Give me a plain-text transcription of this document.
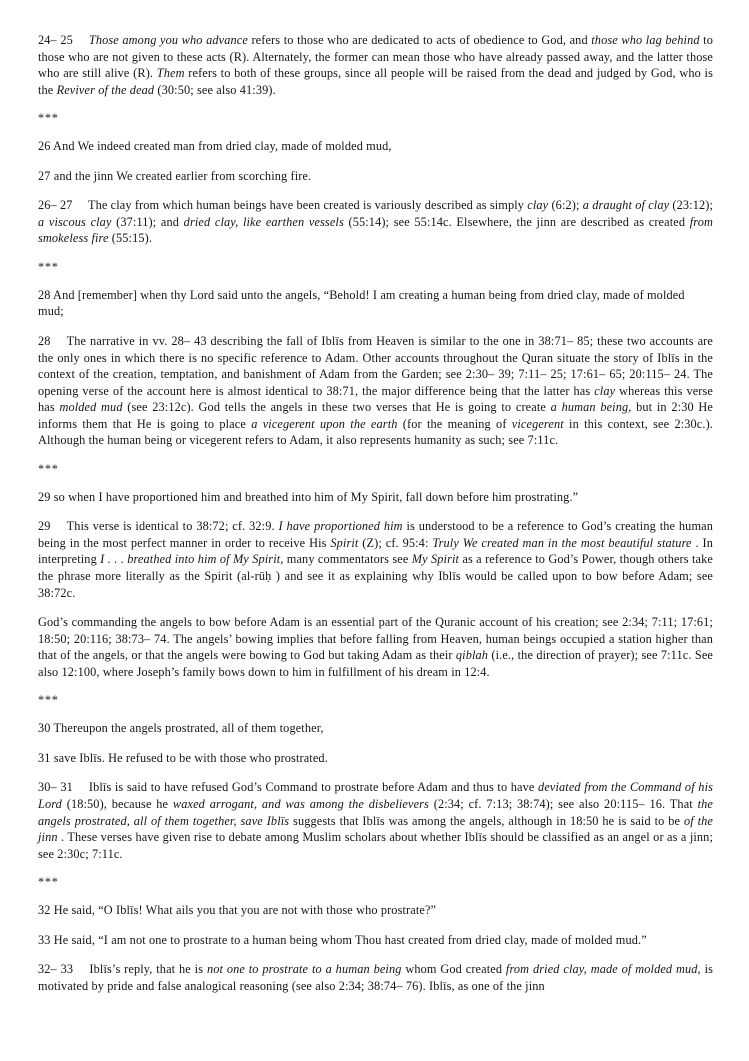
24– 25  Those among you who advance refers to those who are dedicated to acts of obedience to God, and those who lag behind to those who are not given to these acts (R). Alternately, the former can mean those who have already passed away, and the latter those who are still alive (R). Them refers to both of these groups, since all people will be raised from the dead and judged by God, who is the Reviver of the dead (30:50; see also 41:39).

***

26 And We indeed created man from dried clay, made of molded mud,

27 and the jinn We created earlier from scorching fire.

26– 27  The clay from which human beings have been created is variously described as simply clay (6:2); a draught of clay (23:12); a viscous clay (37:11); and dried clay, like earthen vessels (55:14); see 55:14c. Elsewhere, the jinn are described as created from smokeless fire (55:15).

***

28 And [remember] when thy Lord said unto the angels, “Behold! I am creating a human being from dried clay, made of molded mud;

28  The narrative in vv. 28– 43 describing the fall of Iblīs from Heaven is similar to the one in 38:71– 85; these two accounts are the only ones in which there is no specific reference to Adam. Other accounts throughout the Quran situate the story of Iblīs in the context of the creation, temptation, and banishment of Adam from the Garden; see 2:30– 39; 7:11– 25; 17:61– 65; 20:115– 24. The opening verse of the account here is almost identical to 38:71, the major difference being that the latter has clay whereas this verse has molded mud (see 23:12c). God tells the angels in these two verses that He is going to create a human being, but in 2:30 He informs them that He is going to place a vicegerent upon the earth (for the meaning of vicegerent in this context, see 2:30c.). Although the human being or vicegerent refers to Adam, it also represents humanity as such; see 7:11c.

***

29 so when I have proportioned him and breathed into him of My Spirit, fall down before him prostrating.”

29  This verse is identical to 38:72; cf. 32:9. I have proportioned him is understood to be a reference to God’s creating the human being in the most perfect manner in order to receive His Spirit (Z); cf. 95:4: Truly We created man in the most beautiful stature . In interpreting I . . . breathed into him of My Spirit, many commentators see My Spirit as a reference to God’s Power, though others take the phrase more literally as the Spirit (al-rūḥ ) and see it as explaining why Iblīs would be called upon to bow before Adam; see 38:72c.

God’s commanding the angels to bow before Adam is an essential part of the Quranic account of his creation; see 2:34; 7:11; 17:61; 18:50; 20:116; 38:73– 74. The angels’ bowing implies that before falling from Heaven, human beings occupied a station higher than that of the angels, or that the angels were bowing to God but taking Adam as their qiblah (i.e., the direction of prayer); see 7:11c. See also 12:100, where Joseph’s family bows down to him in fulfillment of his dream in 12:4.

***

30 Thereupon the angels prostrated, all of them together,

31 save Iblīs. He refused to be with those who prostrated.

30– 31  Iblīs is said to have refused God’s Command to prostrate before Adam and thus to have deviated from the Command of his Lord (18:50), because he waxed arrogant, and was among the disbelievers (2:34; cf. 7:13; 38:74); see also 20:115– 16. That the angels prostrated, all of them together, save Iblīs suggests that Iblīs was among the angels, although in 18:50 he is said to be of the jinn . These verses have given rise to debate among Muslim scholars about whether Iblīs should be classified as an angel or as a jinn; see 2:30c; 7:11c.

***

32 He said, “O Iblīs! What ails you that you are not with those who prostrate?”

33 He said, “I am not one to prostrate to a human being whom Thou hast created from dried clay, made of molded mud.”

32– 33  Iblīs’s reply, that he is not one to prostrate to a human being whom God created from dried clay, made of molded mud, is motivated by pride and false analogical reasoning (see also 2:34; 38:74– 76). Iblīs, as one of the jinn
